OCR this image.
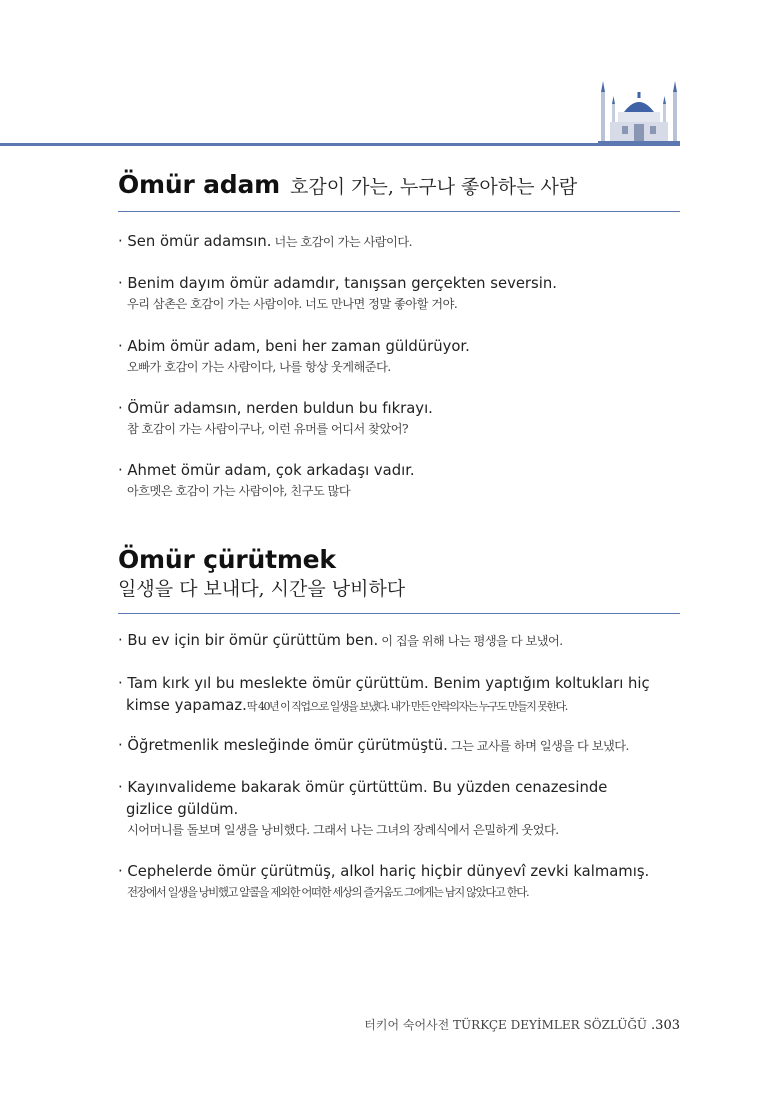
Ömür adam 호감이 가는, 누구나 좋아하는 사람
· Sen ömür adamsın. 너는 호감이 가는 사람이다.
· Benim dayım ömür adamdır, tanışsan gerçekten seversin.
우리 삼촌은 호감이 가는 사람이야. 너도 만나면 정말 좋아할 거야.
· Abim ömür adam, beni her zaman güldürüyor.
오빠가 호감이 가는 사람이다, 나를 항상 웃게해준다.
· Ömür adamsın, nerden buldun bu fıkrayı.
참 호감이 가는 사람이구나, 이런 유머를 어디서 찾았어?
· Ahmet ömür adam, çok arkadaşı vadır.
아흐멧은 호감이 가는 사람이야, 친구도 많다
Ömür çürütmek
일생을 다 보내다, 시간을 낭비하다
· Bu ev için bir ömür çürüttüm ben. 이 집을 위해 나는 평생을 다 보냈어.
· Tam kırk yıl bu meslekte ömür çürüttüm. Benim yaptığım koltukları hiç kimse yapamaz.딱 40년 이 직업으로 일생을 보냈다. 내가 만든 안락의자는 누구도 만들지 못한다.
· Öğretmenlik mesleğinde ömür çürütmüştü. 그는 교사를 하며 일생을 다 보냈다.
· Kayınvalideme bakarak ömür çürtüttüm. Bu yüzden cenazesinde gizlice güldüm.
시어머니를 돌보며 일생을 낭비했다. 그래서 나는 그녀의 장례식에서 은밀하게 웃었다.
· Cephelerde ömür çürütmüş, alkol hariç hiçbir dünyevî zevki kalmamış.
전장에서 일생을 낭비했고 알콜을 제외한 어떠한 세상의 즐거움도 그에게는 남지 않았다고 한다.
터키어 숙어사전 TÜRKÇE DEYİMLER SÖZLÜĞÜ .303
